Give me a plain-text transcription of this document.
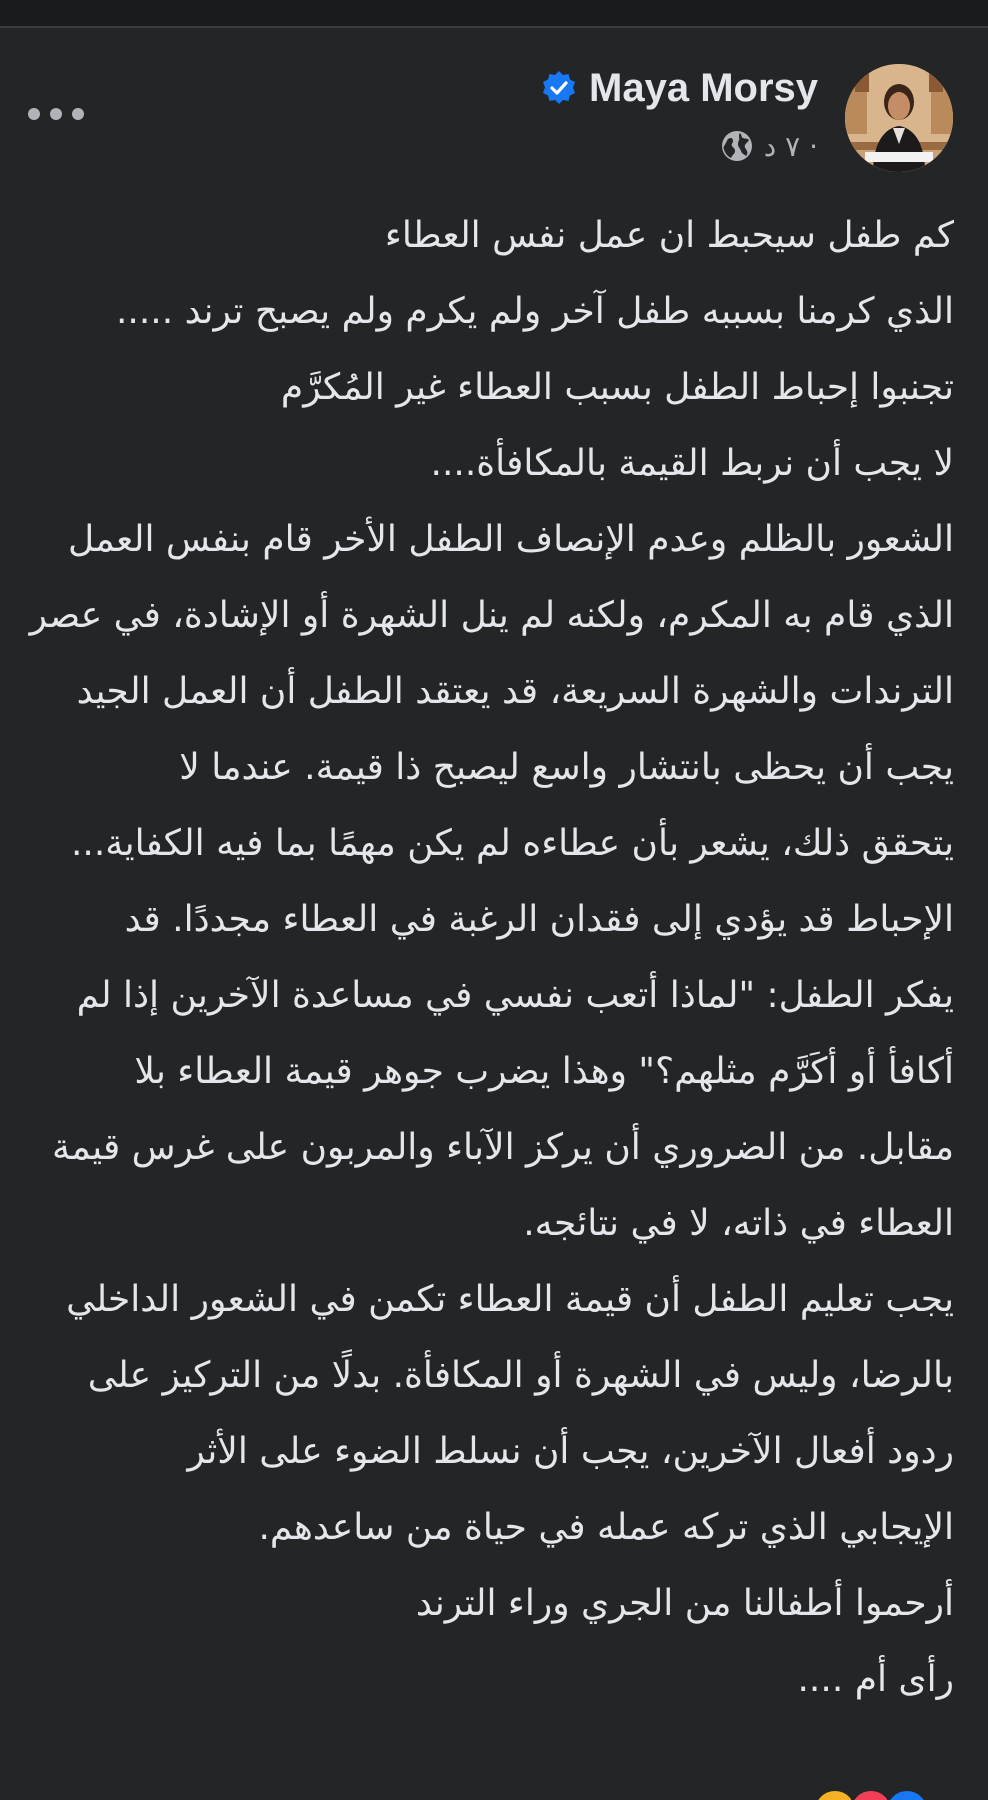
Maya Morsy
٧ د ·
كم طفل سيحبط ان عمل نفس العطاء
الذي كرمنا بسببه طفل آخر ولم يكرم ولم يصبح ترند .....
تجنبوا إحباط الطفل بسبب العطاء غير المُكرَّم
لا يجب أن نربط القيمة بالمكافأة....
الشعور بالظلم وعدم الإنصاف الطفل الأخر قام بنفس العمل
الذي قام به المكرم، ولكنه لم ينل الشهرة أو الإشادة، في عصر
الترندات والشهرة السريعة، قد يعتقد الطفل أن العمل الجيد
يجب أن يحظى بانتشار واسع ليصبح ذا قيمة. عندما لا
يتحقق ذلك، يشعر بأن عطاءه لم يكن مهمًا بما فيه الكفاية...
الإحباط قد يؤدي إلى فقدان الرغبة في العطاء مجددًا. قد
يفكر الطفل: "لماذا أتعب نفسي في مساعدة الآخرين إذا لم
أكافأ أو أكَرَّم مثلهم؟" وهذا يضرب جوهر قيمة العطاء بلا
مقابل. من الضروري أن يركز الآباء والمربون على غرس قيمة
العطاء في ذاته، لا في نتائجه.
يجب تعليم الطفل أن قيمة العطاء تكمن في الشعور الداخلي
بالرضا، وليس في الشهرة أو المكافأة. بدلًا من التركيز على
ردود أفعال الآخرين، يجب أن نسلط الضوء على الأثر
الإيجابي الذي تركه عمله في حياة من ساعدهم.
أرحموا أطفالنا من الجري وراء الترند
رأى أم ....
